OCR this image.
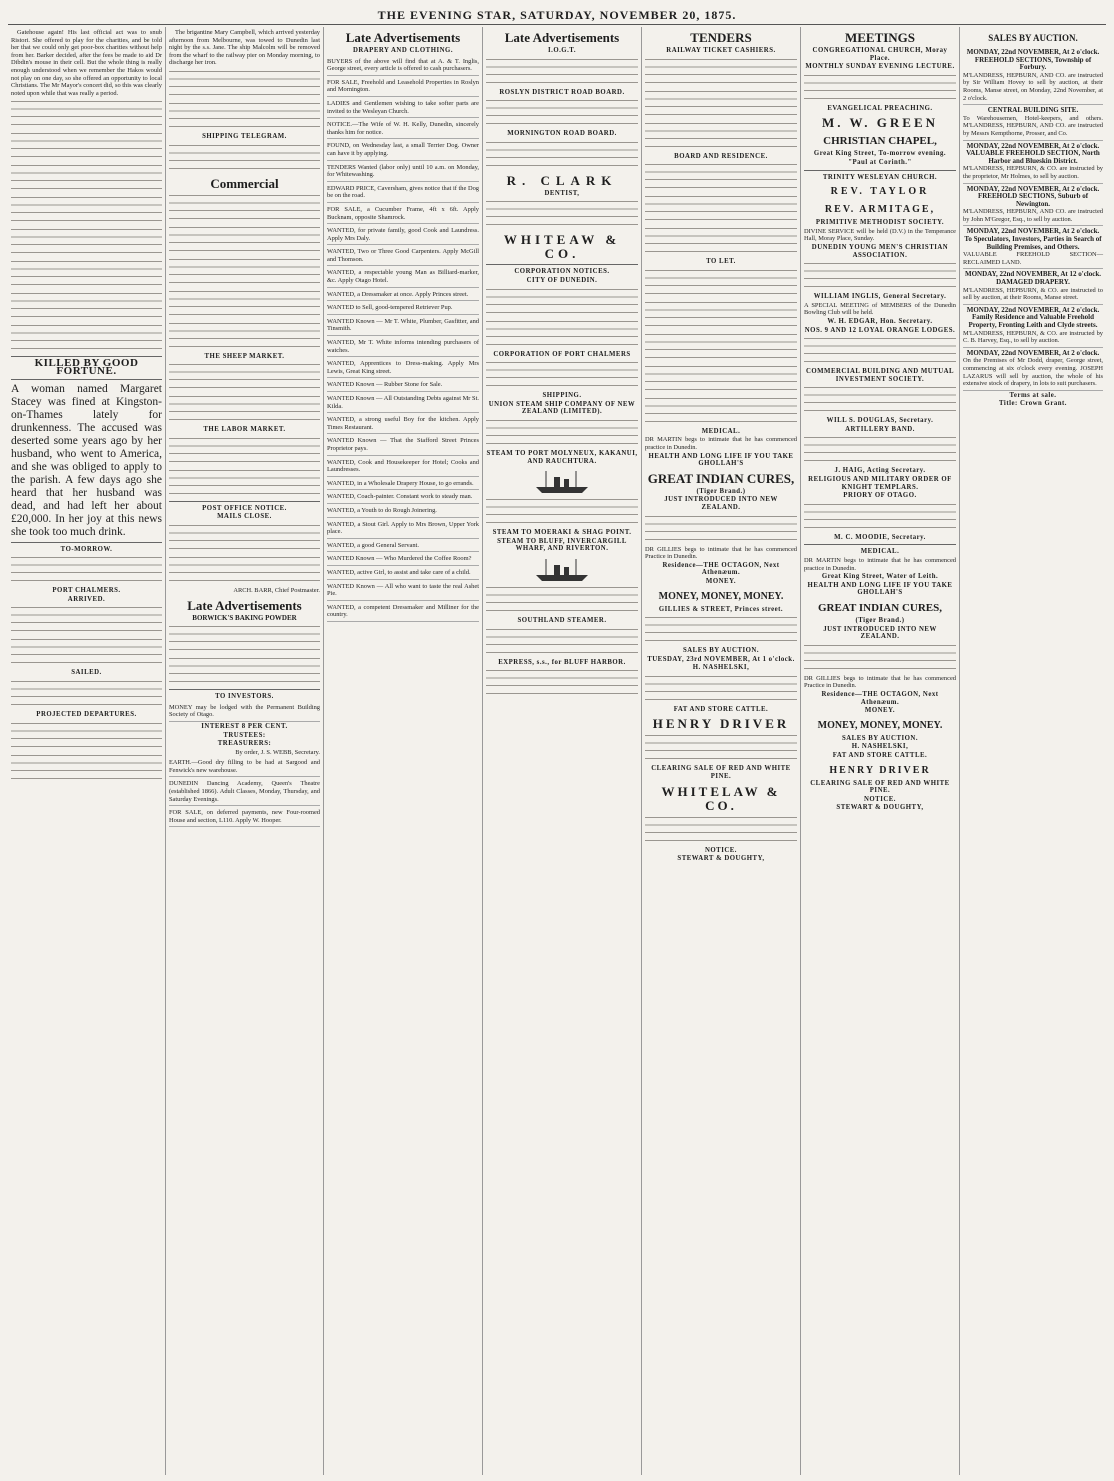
THE EVENING STAR, SATURDAY, NOVEMBER 20, 1875.

Gatehouse again! His last official act was to snub Ristori. She offered to play for the charities, and be told her that we could only get poor-box charities without help from her. Barker decided, after the fees be made to aid Dr Dibdin's mouse in their cell. But the whole thing is really enough understood when we remember the Hakos would not play on one day, so she offered an opportunity to local Christians. The Mr Mayor's concert did, so this was clearly noted upon while that was really a period.

KILLED BY GOOD FORTUNE.
A woman named Margaret Stacey was fined at Kingston-on-Thames lately for drunkenness. The accused was deserted some years ago by her husband, who went to America, and she was obliged to apply to the parish. A few days ago she heard that her husband was dead, and had left her about £20,000. In her joy at this news she took too much drink.
TO-MORROW.

PORT CHALMERS.
ARRIVED.

SAILED.

PROJECTED DEPARTURES.

The brigantine Mary Campbell, which arrived yesterday afternoon from Melbourne, was towed to Dunedin last night by the s.s. Jane. The ship Malcolm will be removed from the wharf to the railway pier on Monday morning, to discharge her iron.

SHIPPING TELEGRAM.

Commercial

THE SHEEP MARKET.

THE LABOR MARKET.

POST OFFICE NOTICE.
MAILS CLOSE.

ARCH. BARR, Chief Postmaster.

Late Advertisements
BORWICK'S BAKING POWDER

TO INVESTORS.

MONEY may be lodged with the Permanent Building Society of Otago.

INTEREST 8 PER CENT.
TRUSTEES:
TREASURERS:

By order, J. S. WEBB, Secretary.

EARTH.—Good dry filling to be had at Sargood and Fenwick's new warehouse.

DUNEDIN Dancing Academy, Queen's Theatre (established 1866). Adult Classes, Monday, Thursday, and Saturday Evenings.

FOR SALE, on deferred payments, new Four-roomed House and section, L110. Apply W. Hooper.

Late Advertisements
DRAPERY AND CLOTHING.

BUYERS of the above will find that at A. & T. Inglis, George street, every article is offered to cash purchasers.

FOR SALE, Freehold and Leasehold Properties in Roslyn and Mornington.

LADIES and Gentlemen wishing to take softer parts are invited to the Wesleyan Church.

NOTICE.—The Wife of W. H. Kelly, Dunedin, sincerely thanks him for notice.

FOUND, on Wednesday last, a small Terrier Dog. Owner can have it by applying.

TENDERS Wanted (labor only) until 10 a.m. on Monday, for Whitewashing.

EDWARD PRICE, Caversham, gives notice that if the Dog be on the road.

FOR SALE, a Cucumber Frame, 4ft x 6ft. Apply Bucknam, opposite Shamrock.

WANTED, for private family, good Cook and Laundress. Apply Mrs Daly.

WANTED, Two or Three Good Carpenters. Apply McGill and Thomson.

WANTED, a respectable young Man as Billiard-marker, &c. Apply Otago Hotel.

WANTED, a Dressmaker at once. Apply Princes street.

WANTED to Sell, good-tempered Retriever Pup.

WANTED Known — Mr T. White, Plumber, Gasfitter, and Tinsmith.

WANTED, Mr T. White informs intending purchasers of watches.

WANTED, Apprentices to Dress-making. Apply Mrs Lewis, Great King street.

WANTED Known — Rubber Stone for Sale.

WANTED Known — All Outstanding Debts against Mr St. Kilda.

WANTED, a strong useful Boy for the kitchen. Apply Times Restaurant.

WANTED Known — That the Stafford Street Princes Proprietor pays.

WANTED, Cook and Housekeeper for Hotel; Cooks and Laundresses.

WANTED, in a Wholesale Drapery House, to go errands.

WANTED, Coach-painter. Constant work to steady man.

WANTED, a Youth to do Rough Joinering.

WANTED, a Stout Girl. Apply to Mrs Brown, Upper York place.

WANTED, a good General Servant.

WANTED Known — Who Murdered the Coffee Room?

WANTED, active Girl, to assist and take care of a child.

WANTED Known — All who want to taste the real Ashet Pie.

WANTED, a competent Dressmaker and Milliner for the country.

Late Advertisements
I.O.G.T.

ROSLYN DISTRICT ROAD BOARD.

MORNINGTON ROAD BOARD.

R. CLARK
DENTIST,

WHITEAW & CO.
CORPORATION NOTICES.
CITY OF DUNEDIN.

CORPORATION OF PORT CHALMERS

SHIPPING.
UNION STEAM SHIP COMPANY OF NEW ZEALAND (LIMITED).

STEAM TO PORT MOLYNEUX, KAKANUI, AND RAUCHTURA.

STEAM TO MOERAKI & SHAG POINT.
STEAM TO BLUFF, INVERCARGILL WHARF, AND RIVERTON.

SOUTHLAND STEAMER.

EXPRESS, s.s., for BLUFF HARBOR.

TENDERS
RAILWAY TICKET CASHIERS.

BOARD AND RESIDENCE.

TO LET.

MEDICAL.

DR MARTIN begs to intimate that he has commenced practice in Dunedin.

HEALTH AND LONG LIFE IF YOU TAKE GHOLLAH'S
GREAT INDIAN CURES,
(Tiger Brand.)
JUST INTRODUCED INTO NEW ZEALAND.

DR GILLIES begs to intimate that he has commenced Practice in Dunedin.

Residence—THE OCTAGON, Next Athenæum.
MONEY.
MONEY, MONEY, MONEY.
GILLIES & STREET, Princes street.

SALES BY AUCTION.
TUESDAY, 23rd NOVEMBER, At 1 o'clock.
H. NASHELSKI,

FAT AND STORE CATTLE.
HENRY DRIVER

CLEARING SALE OF RED AND WHITE PINE.
WHITELAW & CO.

NOTICE.
STEWART & DOUGHTY,
MEETINGS
CONGREGATIONAL CHURCH, Moray Place.
MONTHLY SUNDAY EVENING LECTURE.

EVANGELICAL PREACHING.
M. W. GREEN
CHRISTIAN CHAPEL,
Great King Street, To-morrow evening.
"Paul at Corinth."
TRINITY WESLEYAN CHURCH.
REV. TAYLOR
REV. ARMITAGE,
PRIMITIVE METHODIST SOCIETY.

DIVINE SERVICE will be held (D.V.) in the Temperance Hall, Moray Place, Sunday.

DUNEDIN YOUNG MEN'S CHRISTIAN ASSOCIATION.

WILLIAM INGLIS, General Secretary.

A SPECIAL MEETING of MEMBERS of the Dunedin Bowling Club will be held.

W. H. EDGAR, Hon. Secretary.
NOS. 9 AND 12 LOYAL ORANGE LODGES.

COMMERCIAL BUILDING AND MUTUAL INVESTMENT SOCIETY.

WILL S. DOUGLAS, Secretary.
ARTILLERY BAND.

J. HAIG, Acting Secretary.
RELIGIOUS AND MILITARY ORDER OF KNIGHT TEMPLARS.
PRIORY OF OTAGO.

M. C. MOODIE, Secretary.
MEDICAL.

DR MARTIN begs to intimate that he has commenced practice in Dunedin.

Great King Street, Water of Leith.
HEALTH AND LONG LIFE IF YOU TAKE GHOLLAH'S
GREAT INDIAN CURES,
(Tiger Brand.)
JUST INTRODUCED INTO NEW ZEALAND.

DR GILLIES begs to intimate that he has commenced Practice in Dunedin.

Residence—THE OCTAGON, Next Athenæum.
MONEY.
MONEY, MONEY, MONEY.
SALES BY AUCTION.
H. NASHELSKI,
FAT AND STORE CATTLE.
HENRY DRIVER
CLEARING SALE OF RED AND WHITE PINE.
NOTICE.
STEWART & DOUGHTY,
SALES BY AUCTION.

MONDAY, 22nd NOVEMBER, At 2 o'clock.

FREEHOLD SECTIONS, Township of Forbury.

M'LANDRESS, HEPBURN, AND CO. are instructed by Sir William Hovey to sell by auction, at their Rooms, Manse street, on Monday, 22nd November, at 2 o'clock.

CENTRAL BUILDING SITE.

To Warehousemen, Hotel-keepers, and others. M'LANDRESS, HEPBURN, AND CO. are instructed by Messrs Kempthorne, Prosser, and Co.

MONDAY, 22nd NOVEMBER, At 2 o'clock.

VALUABLE FREEHOLD SECTION, North Harbor and Blueskin District.

M'LANDRESS, HEPBURN, & CO. are instructed by the proprietor, Mr Holmes, to sell by auction.

MONDAY, 22nd NOVEMBER, At 2 o'clock.

FREEHOLD SECTIONS, Suburb of Newington.

M'LANDRESS, HEPBURN, AND CO. are instructed by John M'Gregor, Esq., to sell by auction.

MONDAY, 22nd NOVEMBER, At 2 o'clock.

To Speculators, Investors, Parties in Search of Building Premises, and Others.

VALUABLE FREEHOLD SECTION—RECLAIMED LAND.

MONDAY, 22nd NOVEMBER, At 12 o'clock.

DAMAGED DRAPERY.

M'LANDRESS, HEPBURN, & CO. are instructed to sell by auction, at their Rooms, Manse street.

MONDAY, 22nd NOVEMBER, At 2 o'clock.

Family Residence and Valuable Freehold Property, Fronting Leith and Clyde streets.

M'LANDRESS, HEPBURN, & CO. are instructed by C. B. Harvey, Esq., to sell by auction.

MONDAY, 22nd NOVEMBER, At 2 o'clock.

On the Premises of Mr Dodd, draper, George street, commencing at six o'clock every evening. JOSEPH LAZARUS will sell by auction, the whole of his extensive stock of drapery, in lots to suit purchasers.

Terms at sale.
Title: Crown Grant.
